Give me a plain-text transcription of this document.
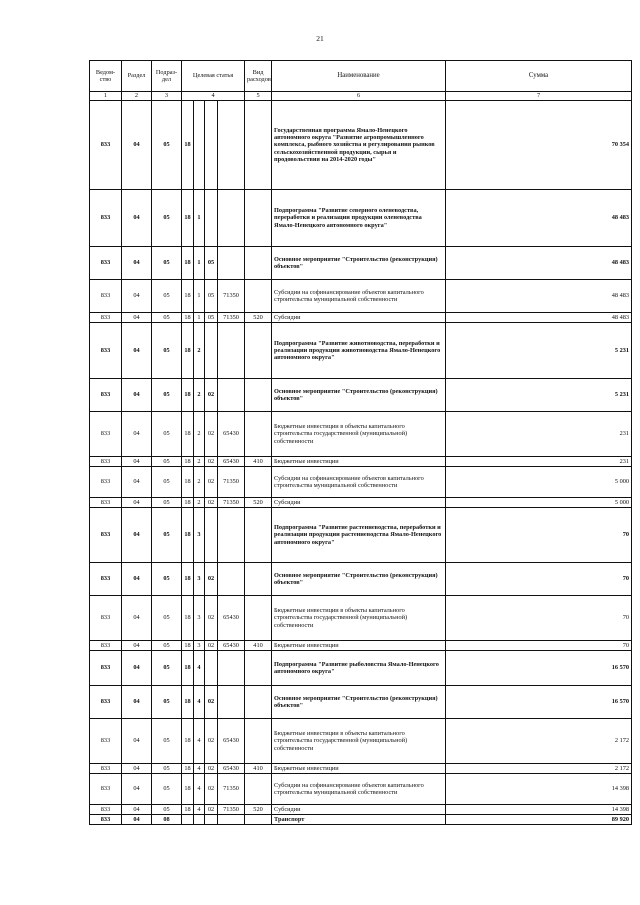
21
Ведом-ство	Раздел	Подраз-дел	Целевая статья				Вид расходов	Наименование	Сумма
1	2	3	4				5	6	7
833	04	05	18					Государственная программа Ямало-Ненецкого автономного округа "Развитие агропромышленного комплекса, рыбного хозяйства и регулирования рынков сельскохозяйственной продукции, сырья и продовольствия на 2014-2020 годы"	70 354
833	04	05	18	1				Подпрограмма "Развитие северного оленеводства, переработки и реализации продукции оленеводства Ямало-Ненецкого автономного округа"	48 483
833	04	05	18	1	05			Основное мероприятие "Строительство (реконструкция) объектов"	48 483
833	04	05	18	1	05	71350		Субсидии на софинансирование объектов капитального строительства муниципальной собственности	48 483
833	04	05	18	1	05	71350	520	Субсидии	48 483
833	04	05	18	2				Подпрограмма "Развитие животноводства, переработки и реализации продукции животноводства Ямало-Ненецкого автономного округа"	5 231
833	04	05	18	2	02			Основное мероприятие "Строительство (реконструкция) объектов"	5 231
833	04	05	18	2	02	65430		Бюджетные инвестиции в объекты капитального строительства государственной (муниципальной) собственности	231
833	04	05	18	2	02	65430	410	Бюджетные инвестиции	231
833	04	05	18	2	02	71350		Субсидии на софинансирование объектов капитального строительства муниципальной собственности	5 000
833	04	05	18	2	02	71350	520	Субсидии	5 000
833	04	05	18	3				Подпрограмма "Развитие растениеводства, переработки и реализации продукции растениеводства Ямало-Ненецкого автономного округа"	70
833	04	05	18	3	02			Основное мероприятие "Строительство (реконструкция) объектов"	70
833	04	05	18	3	02	65430		Бюджетные инвестиции в объекты капитального строительства государственной (муниципальной) собственности	70
833	04	05	18	3	02	65430	410	Бюджетные инвестиции	70
833	04	05	18	4				Подпрограмма "Развитие рыболовства Ямало-Ненецкого автономного округа"	16 570
833	04	05	18	4	02			Основное мероприятие "Строительство (реконструкция) объектов"	16 570
833	04	05	18	4	02	65430		Бюджетные инвестиции в объекты капитального строительства государственной (муниципальной) собственности	2 172
833	04	05	18	4	02	65430	410	Бюджетные инвестиции	2 172
833	04	05	18	4	02	71350		Субсидии на софинансирование объектов капитального строительства муниципальной собственности	14 398
833	04	05	18	4	02	71350	520	Субсидии	14 398
833	04	08						Транспорт	89 920
